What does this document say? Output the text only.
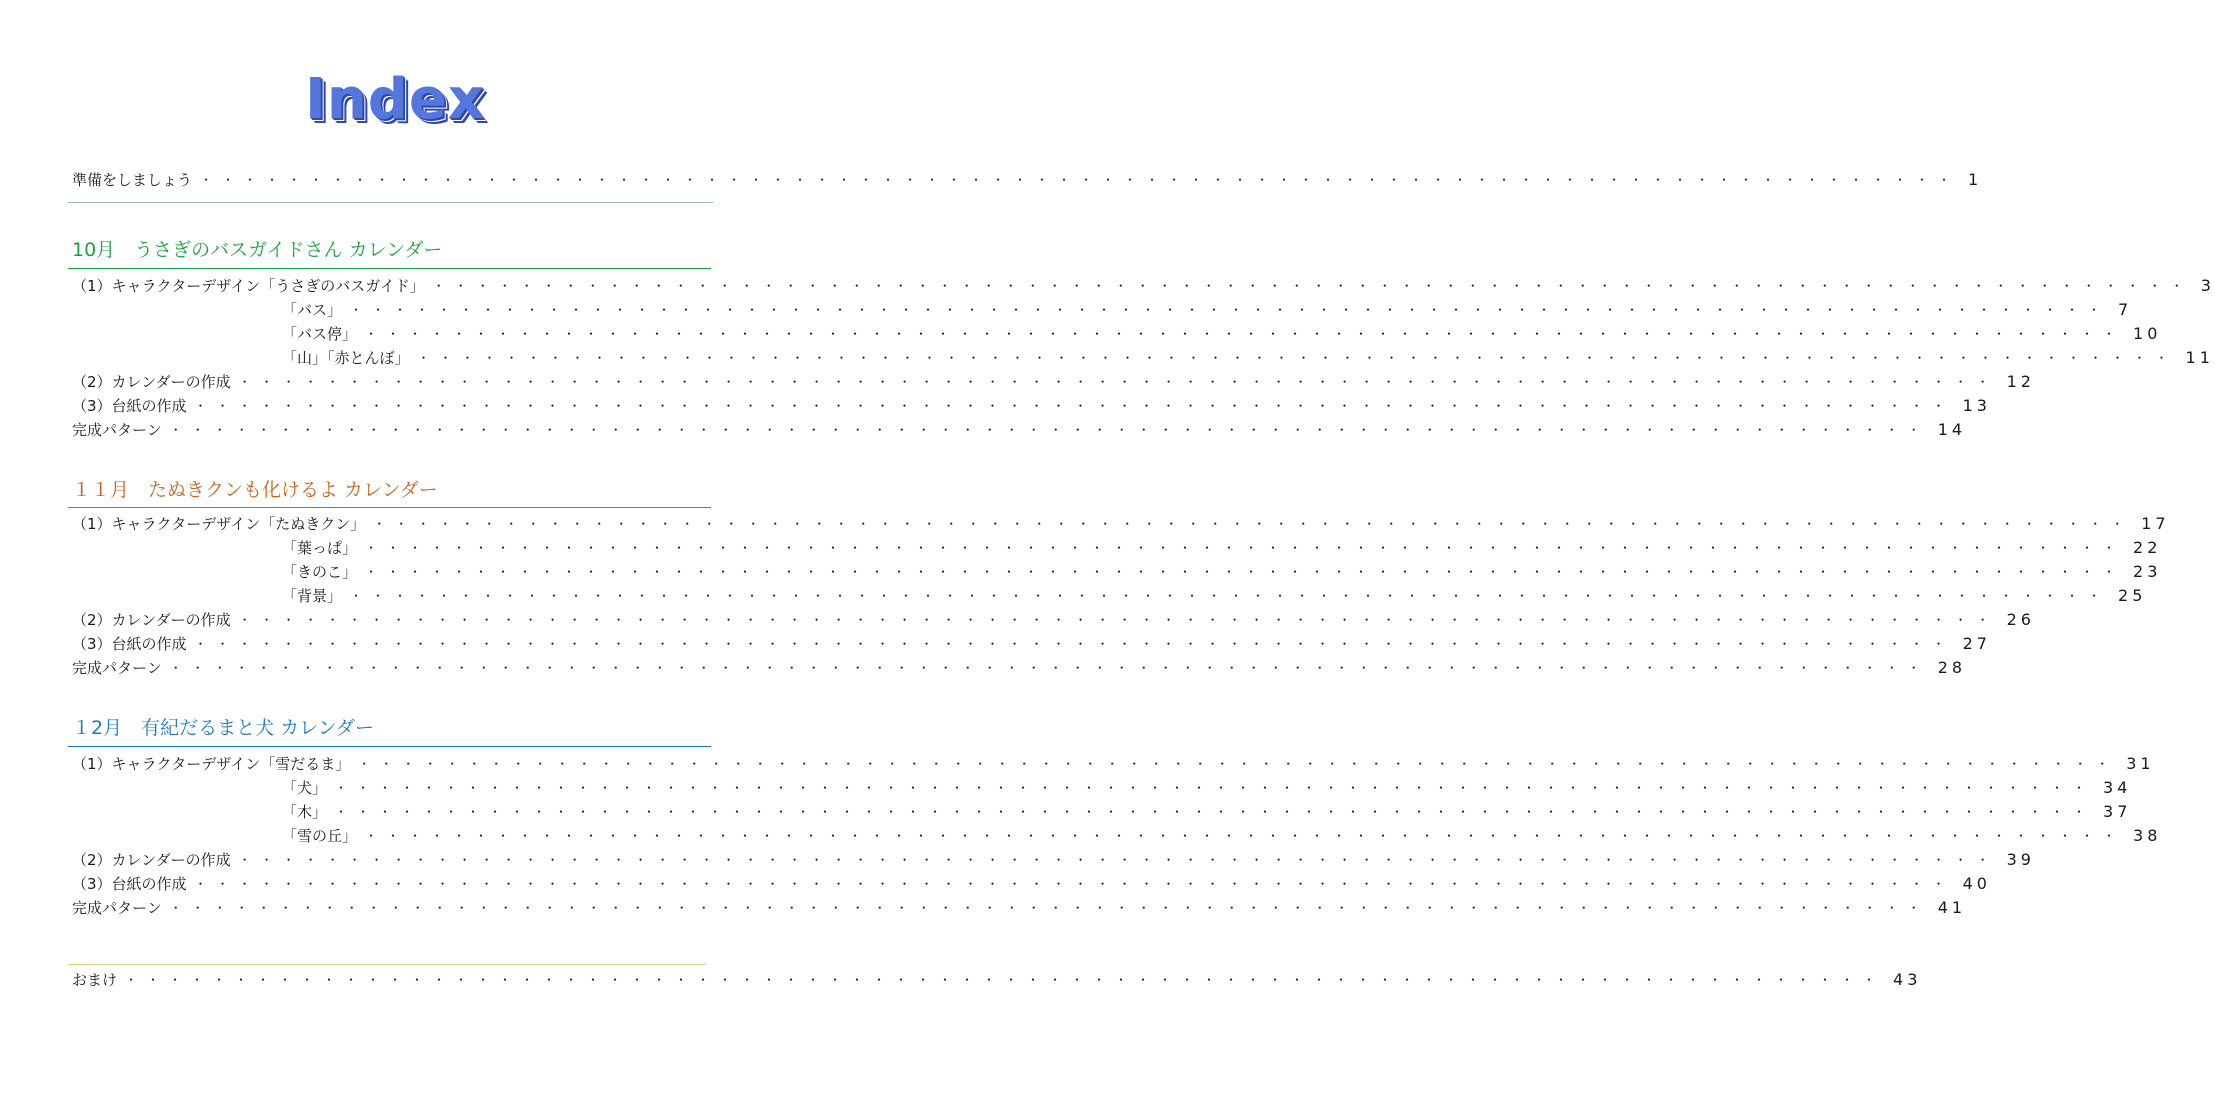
Index
準備をしましょう ・・・・・・・・・・・・・・・・・・・・・・・・・・・・・・・・・・・・・・・・・・・・・・・・・・・・・・・・・・・・・・・・・・・・・・・・・・・・・・・・ 1
10月　うさぎのバスガイドさん カレンダー
（1）キャラクターデザイン「うさぎのバスガイド」 ・・・・・・・・・・・・・・・・・・・・・・・・・・・・・・・・・・・・・・・・・・・・・・・・・・・・・・・・・・・・・・・・・・・・・・・・・・・・・・・・ 3
「バス」 ・・・・・・・・・・・・・・・・・・・・・・・・・・・・・・・・・・・・・・・・・・・・・・・・・・・・・・・・・・・・・・・・・・・・・・・・・・・・・・・・ 7
「バス停」 ・・・・・・・・・・・・・・・・・・・・・・・・・・・・・・・・・・・・・・・・・・・・・・・・・・・・・・・・・・・・・・・・・・・・・・・・・・・・・・・・ 10
「山」「赤とんぼ」 ・・・・・・・・・・・・・・・・・・・・・・・・・・・・・・・・・・・・・・・・・・・・・・・・・・・・・・・・・・・・・・・・・・・・・・・・・・・・・・・・ 11
（2）カレンダーの作成 ・・・・・・・・・・・・・・・・・・・・・・・・・・・・・・・・・・・・・・・・・・・・・・・・・・・・・・・・・・・・・・・・・・・・・・・・・・・・・・・・ 12
（3）台紙の作成 ・・・・・・・・・・・・・・・・・・・・・・・・・・・・・・・・・・・・・・・・・・・・・・・・・・・・・・・・・・・・・・・・・・・・・・・・・・・・・・・・ 13
完成パターン ・・・・・・・・・・・・・・・・・・・・・・・・・・・・・・・・・・・・・・・・・・・・・・・・・・・・・・・・・・・・・・・・・・・・・・・・・・・・・・・・ 14
１１月　たぬきクンも化けるよ カレンダー
（1）キャラクターデザイン「たぬきクン」 ・・・・・・・・・・・・・・・・・・・・・・・・・・・・・・・・・・・・・・・・・・・・・・・・・・・・・・・・・・・・・・・・・・・・・・・・・・・・・・・・ 17
「葉っぱ」 ・・・・・・・・・・・・・・・・・・・・・・・・・・・・・・・・・・・・・・・・・・・・・・・・・・・・・・・・・・・・・・・・・・・・・・・・・・・・・・・・ 22
「きのこ」 ・・・・・・・・・・・・・・・・・・・・・・・・・・・・・・・・・・・・・・・・・・・・・・・・・・・・・・・・・・・・・・・・・・・・・・・・・・・・・・・・ 23
「背景」 ・・・・・・・・・・・・・・・・・・・・・・・・・・・・・・・・・・・・・・・・・・・・・・・・・・・・・・・・・・・・・・・・・・・・・・・・・・・・・・・・ 25
（2）カレンダーの作成 ・・・・・・・・・・・・・・・・・・・・・・・・・・・・・・・・・・・・・・・・・・・・・・・・・・・・・・・・・・・・・・・・・・・・・・・・・・・・・・・・ 26
（3）台紙の作成 ・・・・・・・・・・・・・・・・・・・・・・・・・・・・・・・・・・・・・・・・・・・・・・・・・・・・・・・・・・・・・・・・・・・・・・・・・・・・・・・・ 27
完成パターン ・・・・・・・・・・・・・・・・・・・・・・・・・・・・・・・・・・・・・・・・・・・・・・・・・・・・・・・・・・・・・・・・・・・・・・・・・・・・・・・・ 28
１2月　有紀だるまと犬 カレンダー
（1）キャラクターデザイン「雪だるま」 ・・・・・・・・・・・・・・・・・・・・・・・・・・・・・・・・・・・・・・・・・・・・・・・・・・・・・・・・・・・・・・・・・・・・・・・・・・・・・・・・ 31
「犬」 ・・・・・・・・・・・・・・・・・・・・・・・・・・・・・・・・・・・・・・・・・・・・・・・・・・・・・・・・・・・・・・・・・・・・・・・・・・・・・・・・ 34
「木」 ・・・・・・・・・・・・・・・・・・・・・・・・・・・・・・・・・・・・・・・・・・・・・・・・・・・・・・・・・・・・・・・・・・・・・・・・・・・・・・・・ 37
「雪の丘」 ・・・・・・・・・・・・・・・・・・・・・・・・・・・・・・・・・・・・・・・・・・・・・・・・・・・・・・・・・・・・・・・・・・・・・・・・・・・・・・・・ 38
（2）カレンダーの作成 ・・・・・・・・・・・・・・・・・・・・・・・・・・・・・・・・・・・・・・・・・・・・・・・・・・・・・・・・・・・・・・・・・・・・・・・・・・・・・・・・ 39
（3）台紙の作成 ・・・・・・・・・・・・・・・・・・・・・・・・・・・・・・・・・・・・・・・・・・・・・・・・・・・・・・・・・・・・・・・・・・・・・・・・・・・・・・・・ 40
完成パターン ・・・・・・・・・・・・・・・・・・・・・・・・・・・・・・・・・・・・・・・・・・・・・・・・・・・・・・・・・・・・・・・・・・・・・・・・・・・・・・・・ 41
おまけ ・・・・・・・・・・・・・・・・・・・・・・・・・・・・・・・・・・・・・・・・・・・・・・・・・・・・・・・・・・・・・・・・・・・・・・・・・・・・・・・・ 43
